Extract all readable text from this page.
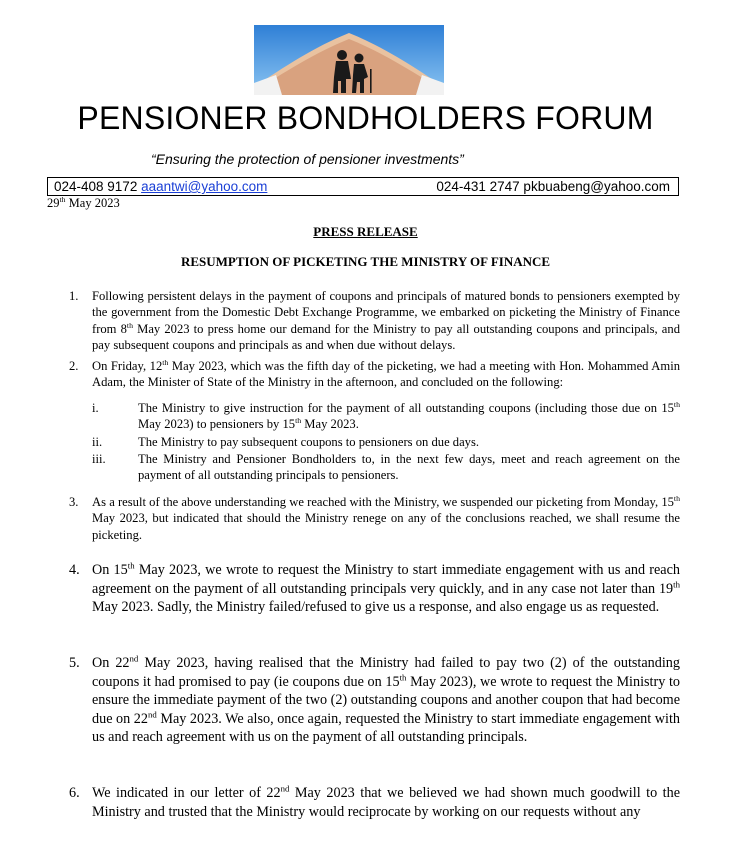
PENSIONER BONDHOLDERS FORUM
“Ensuring the protection of pensioner investments”
024-408 9172 aaantwi@yahoo.com	024-431 2747 pkbuabeng@yahoo.com
29th May 2023
PRESS RELEASE
RESUMPTION OF PICKETING THE MINISTRY OF FINANCE
1. Following persistent delays in the payment of coupons and principals of matured bonds to pensioners exempted by the government from the Domestic Debt Exchange Programme, we embarked on picketing the Ministry of Finance from 8th May 2023 to press home our demand for the Ministry to pay all outstanding coupons and principals, and pay subsequent coupons and principals as and when due without delays.
2. On Friday, 12th May 2023, which was the fifth day of the picketing, we had a meeting with Hon. Mohammed Amin Adam, the Minister of State of the Ministry in the afternoon, and concluded on the following:
i.	The Ministry to give instruction for the payment of all outstanding coupons (including those due on 15th May 2023) to pensioners by 15th May 2023.
ii.	The Ministry to pay subsequent coupons to pensioners on due days.
iii.	The Ministry and Pensioner Bondholders to, in the next few days, meet and reach agreement on the payment of all outstanding principals to pensioners.
3. As a result of the above understanding we reached with the Ministry, we suspended our picketing from Monday, 15th May 2023, but indicated that should the Ministry renege on any of the conclusions reached, we shall resume the picketing.
4. On 15th May 2023, we wrote to request the Ministry to start immediate engagement with us and reach agreement on the payment of all outstanding principals very quickly, and in any case not later than 19th May 2023. Sadly, the Ministry failed/refused to give us a response, and also engage us as requested.
5. On 22nd May 2023, having realised that the Ministry had failed to pay two (2) of the outstanding coupons it had promised to pay (ie coupons due on 15th May 2023), we wrote to request the Ministry to ensure the immediate payment of the two (2) outstanding coupons and another coupon that had become due on 22nd May 2023. We also, once again, requested the Ministry to start immediate engagement with us and reach agreement with us on the payment of all outstanding principals.
6. We indicated in our letter of 22nd May 2023 that we believed we had shown much goodwill to the Ministry and trusted that the Ministry would reciprocate by working on our requests without any
